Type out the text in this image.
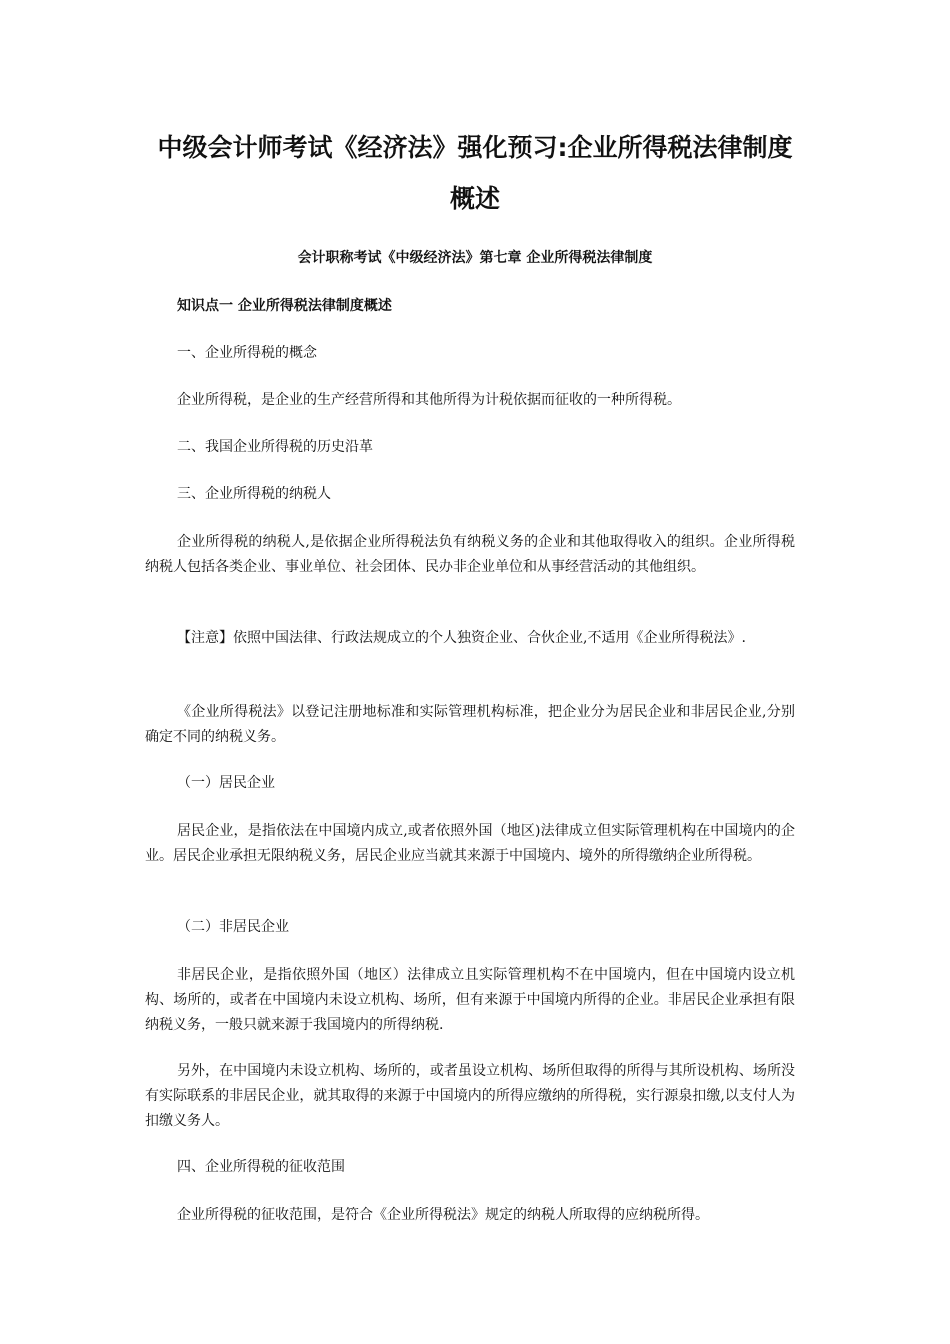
中级会计师考试《经济法》强化预习:企业所得税法律制度
概述
会计职称考试《中级经济法》第七章 企业所得税法律制度

知识点一 企业所得税法律制度概述

一、企业所得税的概念

企业所得税，是企业的生产经营所得和其他所得为计税依据而征收的一种所得税。

二、我国企业所得税的历史沿革

三、企业所得税的纳税人

企业所得税的纳税人,是依据企业所得税法负有纳税义务的企业和其他取得收入的组织。企业所得税纳税人包括各类企业、事业单位、社会团体、民办非企业单位和从事经营活动的其他组织。

【注意】依照中国法律、行政法规成立的个人独资企业、合伙企业,不适用《企业所得税法》.

《企业所得税法》以登记注册地标准和实际管理机构标准，把企业分为居民企业和非居民企业,分别确定不同的纳税义务。

（一）居民企业

居民企业，是指依法在中国境内成立,或者依照外国（地区)法律成立但实际管理机构在中国境内的企业。居民企业承担无限纳税义务，居民企业应当就其来源于中国境内、境外的所得缴纳企业所得税。

（二）非居民企业

非居民企业，是指依照外国（地区）法律成立且实际管理机构不在中国境内，但在中国境内设立机构、场所的，或者在中国境内未设立机构、场所，但有来源于中国境内所得的企业。非居民企业承担有限纳税义务，一般只就来源于我国境内的所得纳税.

另外，在中国境内未设立机构、场所的，或者虽设立机构、场所但取得的所得与其所设机构、场所没有实际联系的非居民企业，就其取得的来源于中国境内的所得应缴纳的所得税，实行源泉扣缴,以支付人为扣缴义务人。

四、企业所得税的征收范围

企业所得税的征收范围，是符合《企业所得税法》规定的纳税人所取得的应纳税所得。
